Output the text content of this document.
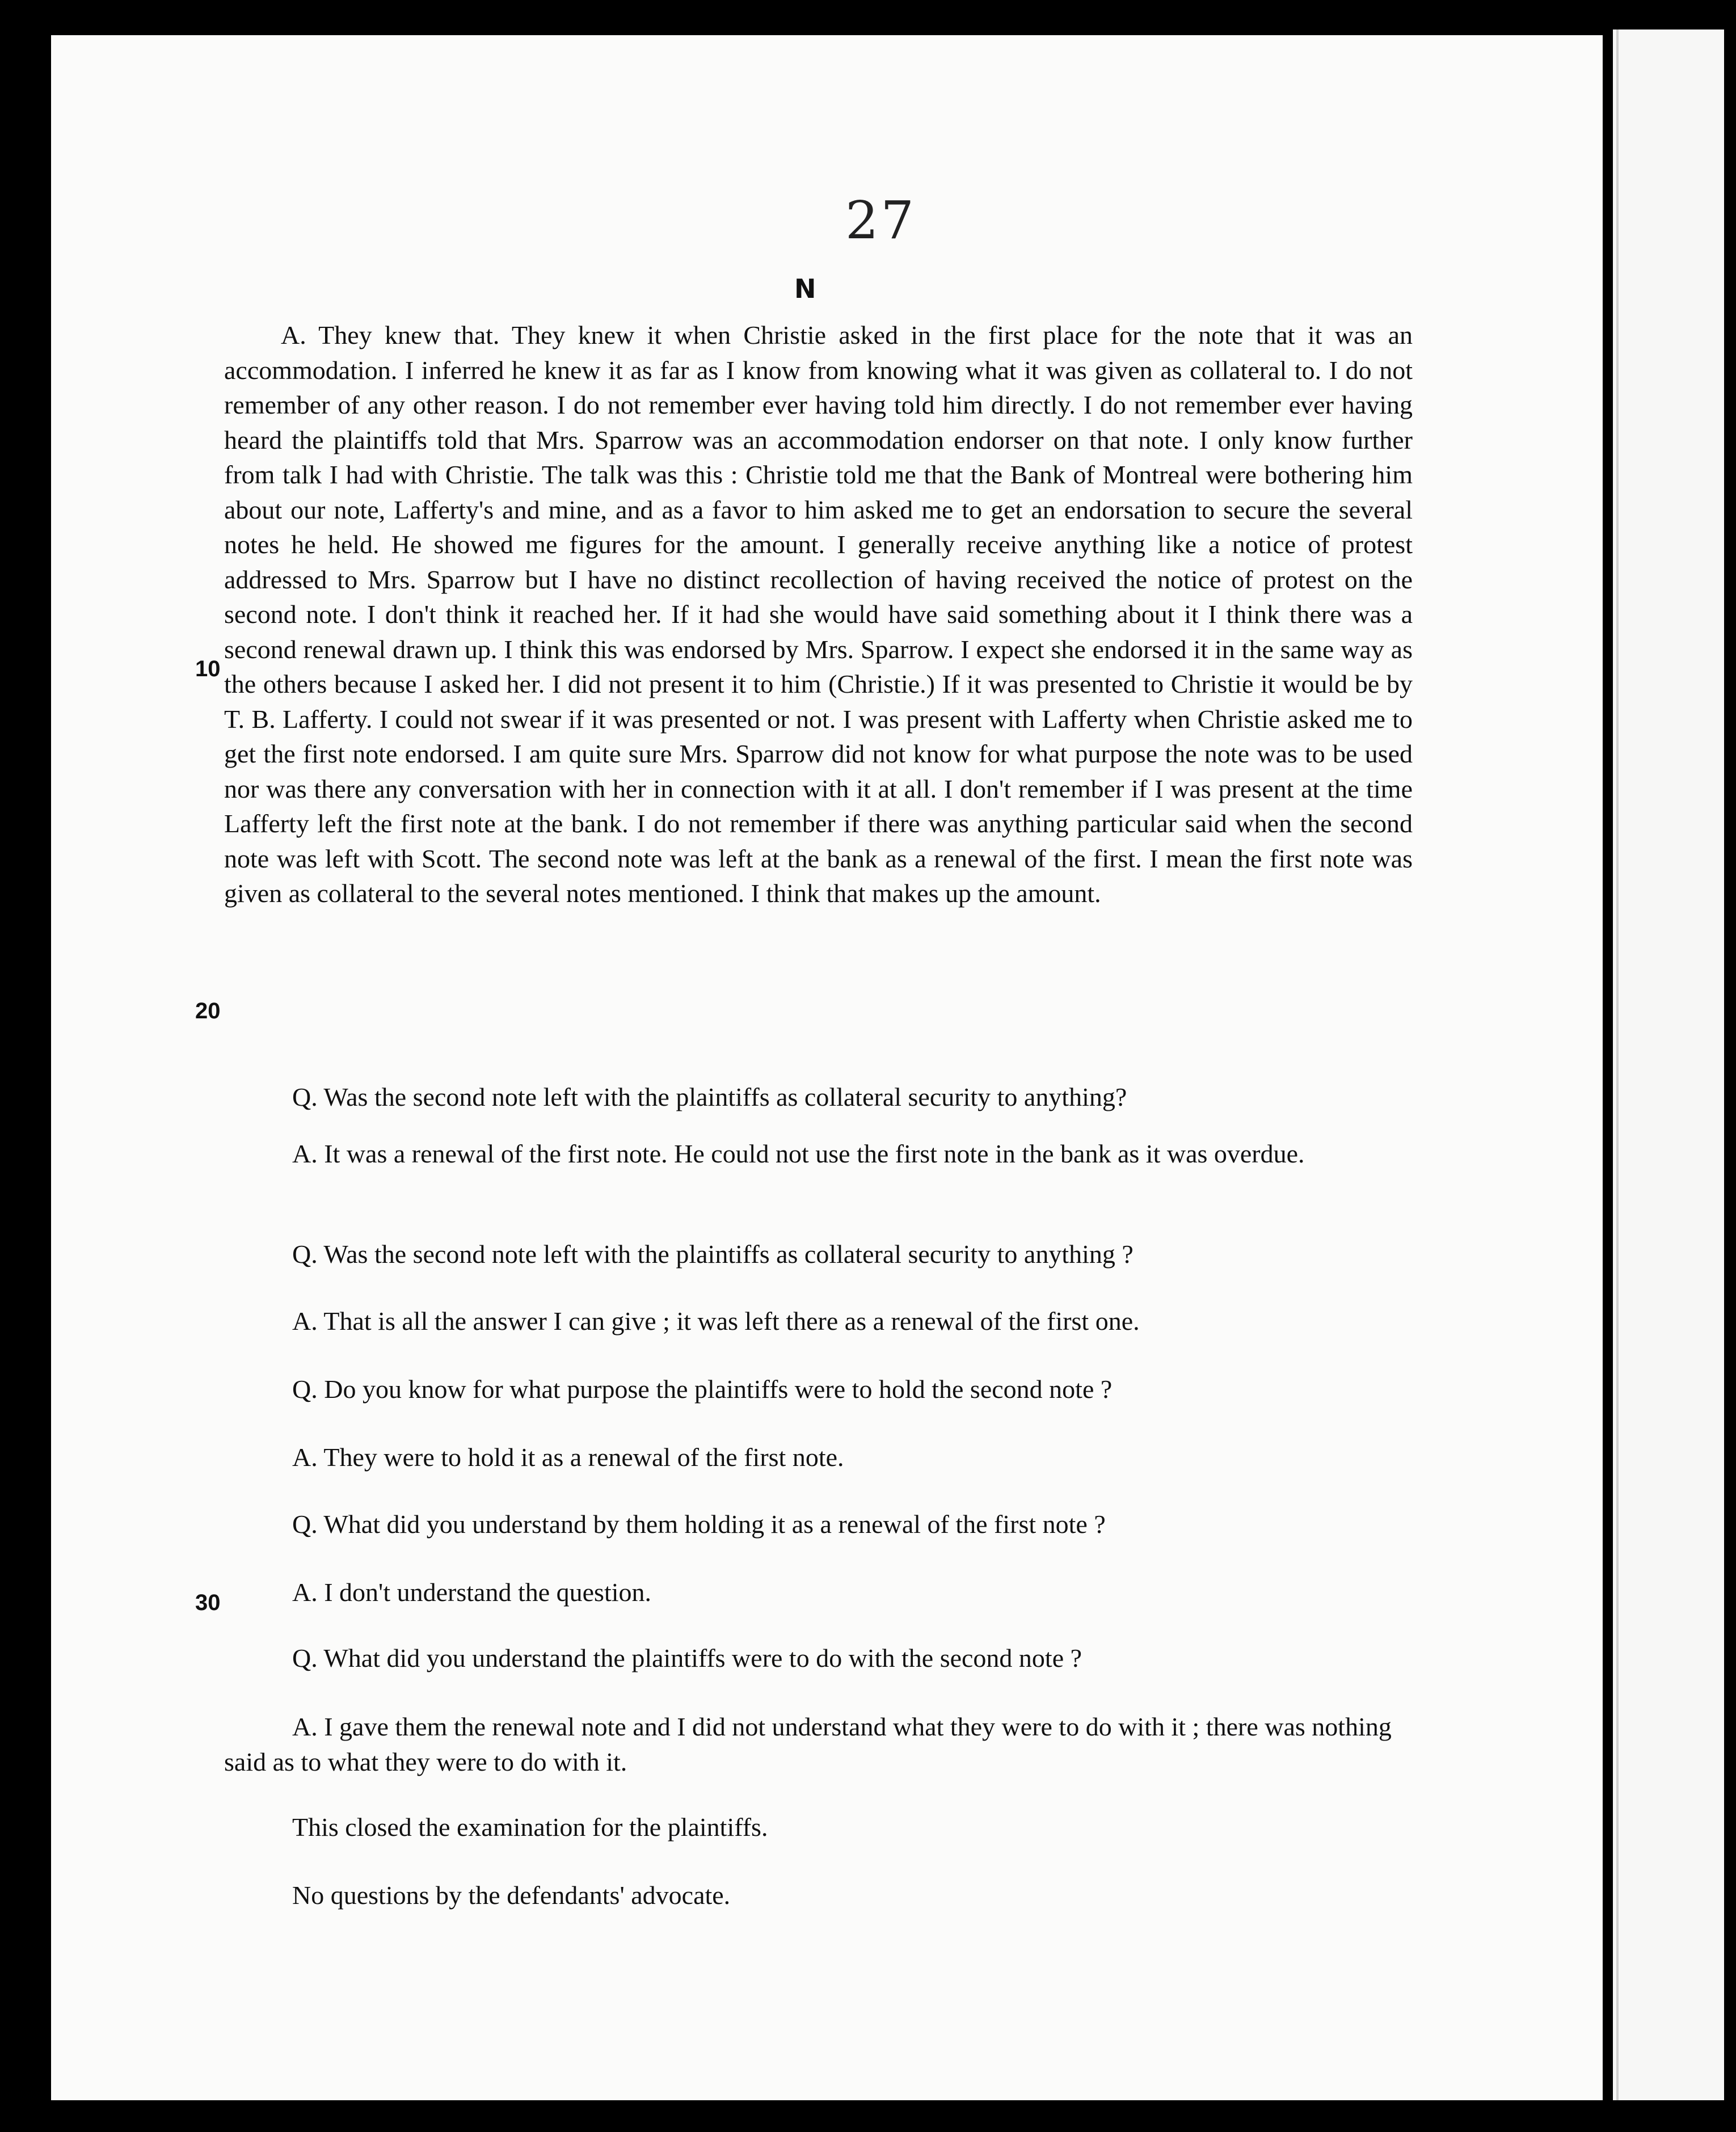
27
N
A. They knew that. They knew it when Christie asked in the first place for the note that it was an accommodation. I inferred he knew it as far as I know from knowing what it was given as collateral to. I do not remember of any other reason. I do not remember ever having told him directly. I do not remember ever having heard the plaintiffs told that Mrs. Sparrow was an accommodation endorser on that note. I only know further from talk I had with Christie. The talk was this : Christie told me that the Bank of Montreal were bothering him about our note, Lafferty's and mine, and as a favor to him asked me to get an endorsation to secure the several notes he held. He showed me figures for the amount. I generally receive anything like a notice of protest addressed to Mrs. Sparrow but I have no distinct recollection of having received the notice of protest on the second note. I don't think it reached her. If it had she would have said something about it I think there was a second renewal drawn up. I think this was endorsed by Mrs. Sparrow. I expect she endorsed it in the same way as the others because I asked her. I did not present it to him (Christie.) If it was presented to Christie it would be by T. B. Lafferty. I could not swear if it was presented or not. I was present with Lafferty when Christie asked me to get the first note endorsed. I am quite sure Mrs. Sparrow did not know for what purpose the note was to be used nor was there any conversation with her in connection with it at all. I don't remember if I was present at the time Lafferty left the first note at the bank. I do not remember if there was anything particular said when the second note was left with Scott. The second note was left at the bank as a renewal of the first. I mean the first note was given as collateral to the several notes mentioned. I think that makes up the amount.
10
20
30
Q. Was the second note left with the plaintiffs as collateral security to anything?
A. It was a renewal of the first note. He could not use the first note in the bank as it was overdue.
Q. Was the second note left with the plaintiffs as collateral security to anything ?
A. That is all the answer I can give ; it was left there as a renewal of the first one.
Q. Do you know for what purpose the plaintiffs were to hold the second note ?
A. They were to hold it as a renewal of the first note.
Q. What did you understand by them holding it as a renewal of the first note ?
A. I don't understand the question.
Q. What did you understand the plaintiffs were to do with the second note ?
A. I gave them the renewal note and I did not understand what they were to do with it ; there was nothing said as to what they were to do with it.
This closed the examination for the plaintiffs.
No questions by the defendants' advocate.
